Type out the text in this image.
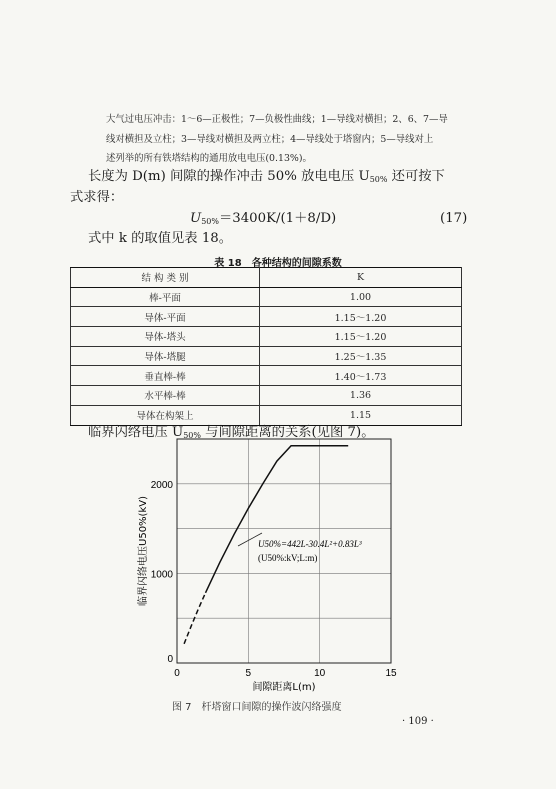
大气过电压冲击：1～6—正极性；7—负极性曲线；1—导线对横担；2、6、7—导
线对横担及立柱；3—导线对横担及两立柱；4—导线处于塔窗内；5—导线对上
述列举的所有铁塔结构的通用放电电压(0.13%)。
长度为 D(m) 间隙的操作冲击 50% 放电电压 $U_{50\%}$ 还可按下
式求得：
$U_{50\%}=3400K/(1+8/D)$	(17)
式中 k 的取值见表 18。
表 18　各种结构的间隙系数
结 构 类 别	K
棒-平面	1.00
导体-平面	1.15～1.20
导体-塔头	1.15～1.20
导体-塔腿	1.25～1.35
垂直棒-棒	1.40～1.73
水平棒-棒	1.36
导体在构架上	1.15
临界闪络电压 $U_{50\%}$ 与间隙距离的关系(见图 7)。
0	5	10	15
0
1000
2000
U50%=442L-30.4L²+0.83L³
(U50%:kV;L:m)
临界闪络电压U50%(kV)
间隙距离L(m)
图 7　杆塔窗口间隙的操作波闪络强度
· 109 ·
